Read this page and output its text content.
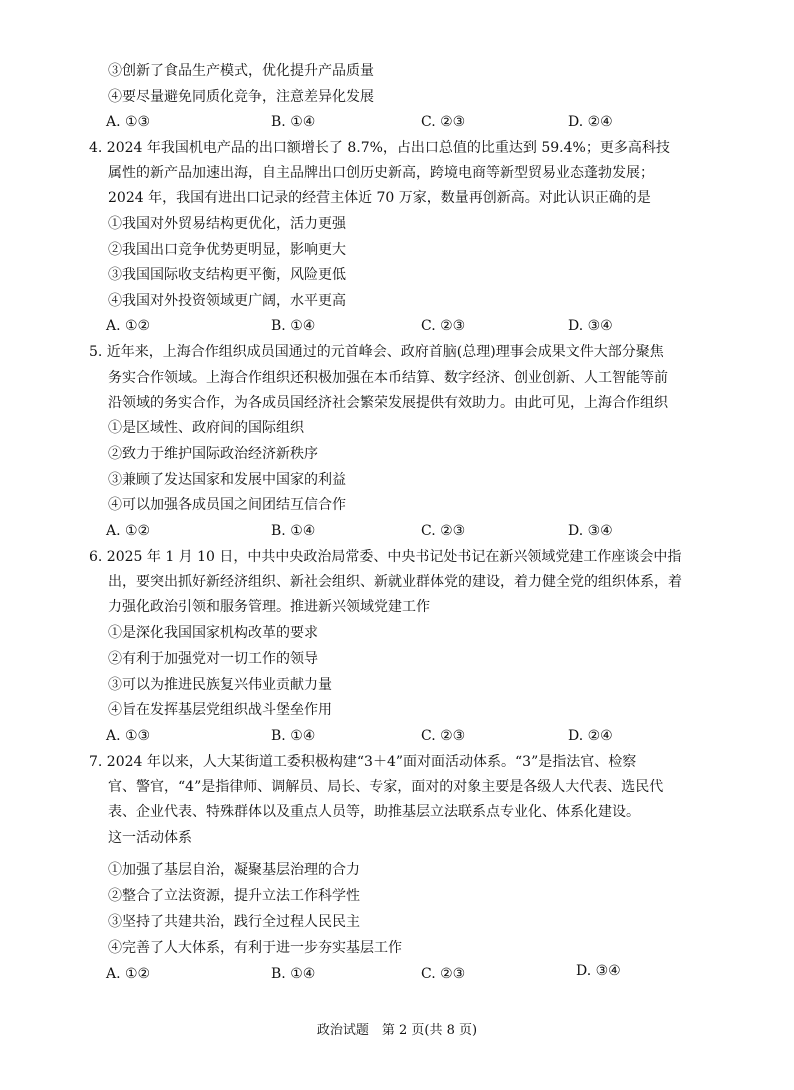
③创新了食品生产模式，优化提升产品质量
④要尽量避免同质化竞争，注意差异化发展
A. ①③	B. ①④	C. ②③	D. ②④
4. 2024 年我国机电产品的出口额增长了 8.7%，占出口总值的比重达到 59.4%；更多高科技
属性的新产品加速出海，自主品牌出口创历史新高，跨境电商等新型贸易业态蓬勃发展；
2024 年，我国有进出口记录的经营主体近 70 万家，数量再创新高。对此认识正确的是
①我国对外贸易结构更优化，活力更强
②我国出口竞争优势更明显，影响更大
③我国国际收支结构更平衡，风险更低
④我国对外投资领域更广阔，水平更高
A. ①②	B. ①④	C. ②③	D. ③④
5. 近年来，上海合作组织成员国通过的元首峰会、政府首脑(总理)理事会成果文件大部分聚焦
务实合作领域。上海合作组织还积极加强在本币结算、数字经济、创业创新、人工智能等前
沿领域的务实合作，为各成员国经济社会繁荣发展提供有效助力。由此可见，上海合作组织
①是区域性、政府间的国际组织
②致力于维护国际政治经济新秩序
③兼顾了发达国家和发展中国家的利益
④可以加强各成员国之间团结互信合作
A. ①②	B. ①④	C. ②③	D. ③④
6. 2025 年 1 月 10 日，中共中央政治局常委、中央书记处书记在新兴领域党建工作座谈会中指
出，要突出抓好新经济组织、新社会组织、新就业群体党的建设，着力健全党的组织体系，着
力强化政治引领和服务管理。推进新兴领域党建工作
①是深化我国国家机构改革的要求
②有利于加强党对一切工作的领导
③可以为推进民族复兴伟业贡献力量
④旨在发挥基层党组织战斗堡垒作用
A. ①③	B. ①④	C. ②③	D. ②④
7. 2024 年以来，人大某街道工委积极构建“3＋4”面对面活动体系。“3”是指法官、检察
官、警官，“4”是指律师、调解员、局长、专家，面对的对象主要是各级人大代表、选民代
表、企业代表、特殊群体以及重点人员等，助推基层立法联系点专业化、体系化建设。
这一活动体系
①加强了基层自治，凝聚基层治理的合力
②整合了立法资源，提升立法工作科学性
③坚持了共建共治，践行全过程人民民主
④完善了人大体系，有利于进一步夯实基层工作
A. ①②	B. ①④	C. ②③	D. ③④
政治试题　第 2 页(共 8 页)
